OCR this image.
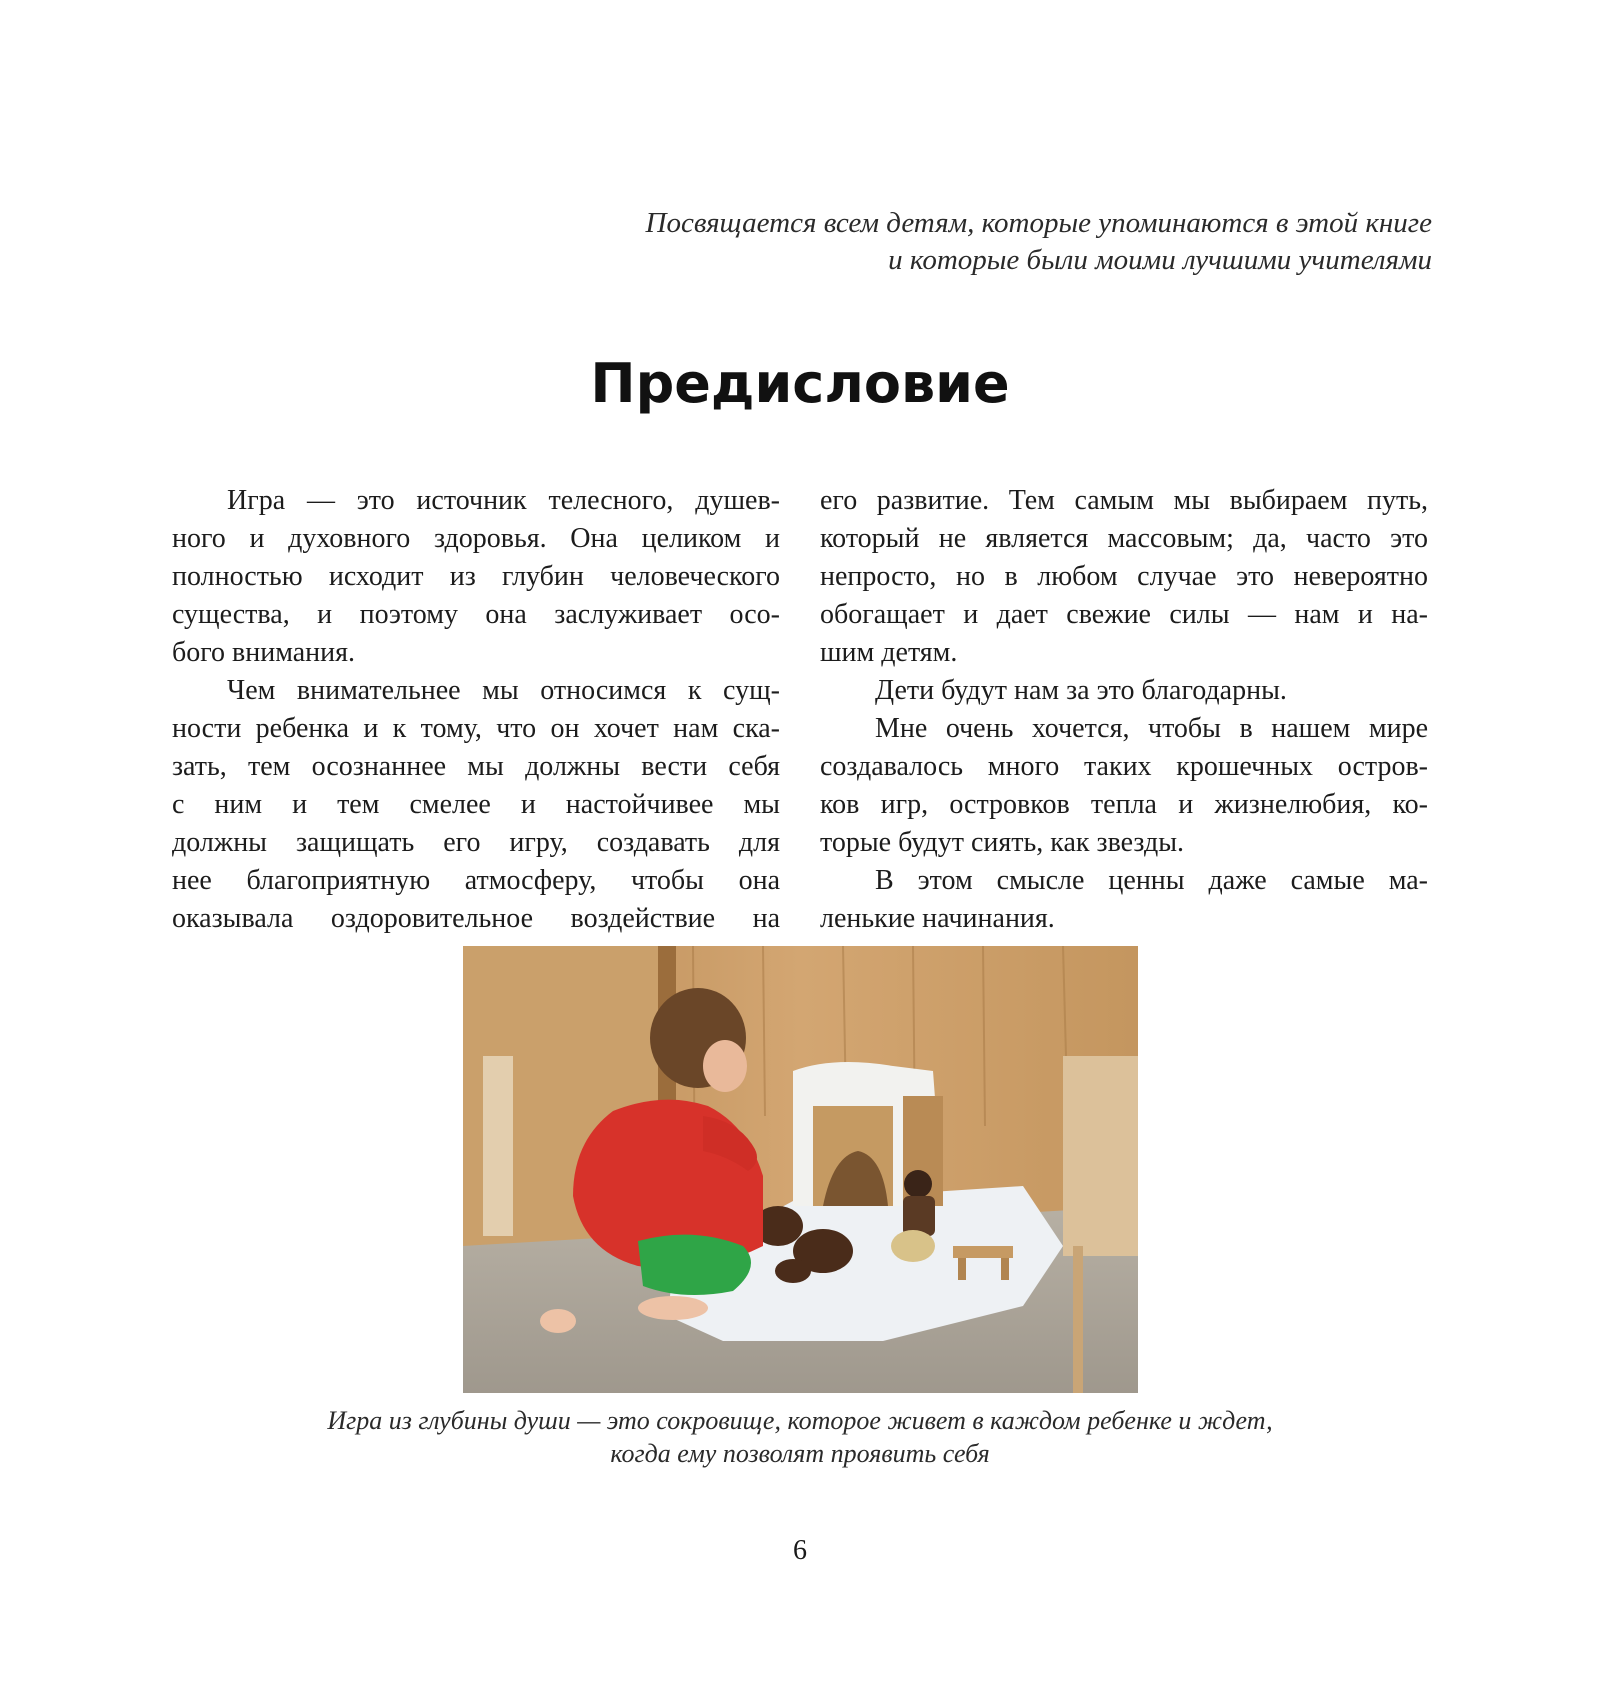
Посвящается всем детям, которые упоминаются в этой книге
и которые были моими лучшими учителями
Предисловие
Игра — это источник телесного, душев-
ного и духовного здоровья. Она целиком и
полностью исходит из глубин человеческого
существа, и поэтому она заслуживает осо-
бого внимания.
Чем внимательнее мы относимся к сущ-
ности ребенка и к тому, что он хочет нам ска-
зать, тем осознаннее мы должны вести себя
с ним и тем смелее и настойчивее мы
должны защищать его игру, создавать для
нее благоприятную атмосферу, чтобы она
оказывала оздоровительное воздействие на
его развитие. Тем самым мы выбираем путь,
который не является массовым; да, часто это
непросто, но в любом случае это невероятно
обогащает и дает свежие силы — нам и на-
шим детям.
Дети будут нам за это благодарны.
Мне очень хочется, чтобы в нашем мире
создавалось много таких крошечных остров-
ков игр, островков тепла и жизнелюбия, ко-
торые будут сиять, как звезды.
В этом смысле ценны даже самые ма-
ленькие начинания.
Игра из глубины души — это сокровище, которое живет в каждом ребенке и ждет,
когда ему позволят проявить себя
6
